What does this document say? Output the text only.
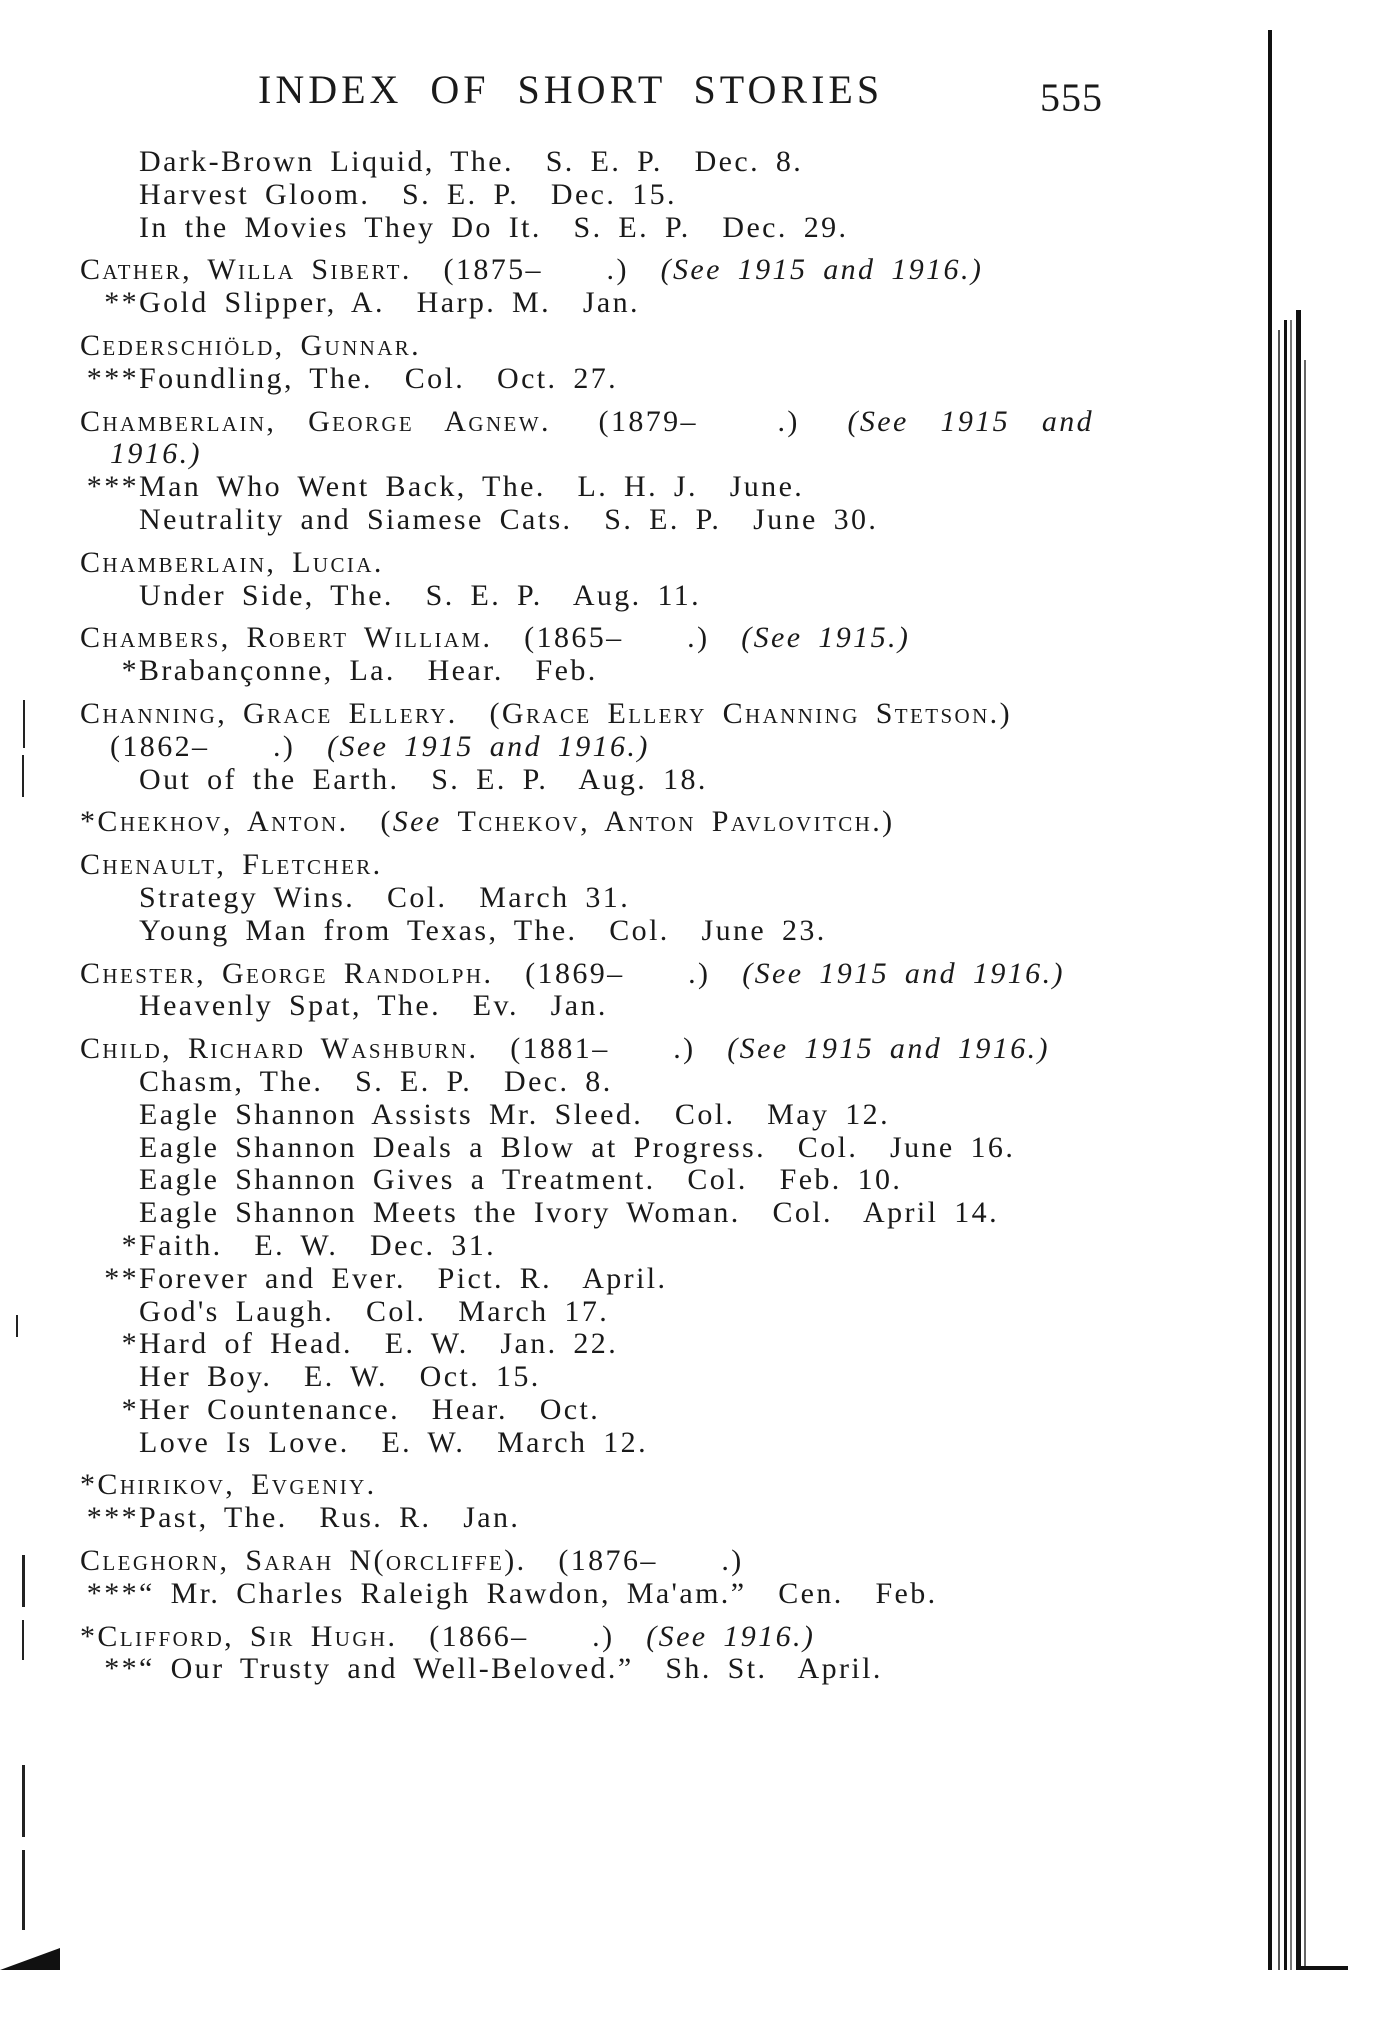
INDEX OF SHORT STORIES	555
Dark-Brown Liquid, The.  S. E. P.  Dec. 8.
Harvest Gloom.  S. E. P.  Dec. 15.
In the Movies They Do It.  S. E. P.  Dec. 29.
Cather, Willa Sibert.  (1875–    .)  (See 1915 and 1916.)
** Gold Slipper, A.  Harp. M.  Jan.
Cederschiöld, Gunnar.
*** Foundling, The.  Col.  Oct. 27.
Chamberlain,  George  Agnew.   (1879–     .)   (See  1915  and
1916.)
*** Man Who Went Back, The.  L. H. J.  June.
Neutrality and Siamese Cats.  S. E. P.  June 30.
Chamberlain, Lucia.
Under Side, The.  S. E. P.  Aug. 11.
Chambers, Robert William.  (1865–    .)  (See 1915.)
* Brabançonne, La.  Hear.  Feb.
Channing, Grace Ellery.  (Grace Ellery Channing Stetson.)
(1862–    .)  (See 1915 and 1916.)
Out of the Earth.  S. E. P.  Aug. 18.
*Chekhov, Anton.  (See Tchekov, Anton Pavlovitch.)
Chenault, Fletcher.
Strategy Wins.  Col.  March 31.
Young Man from Texas, The.  Col.  June 23.
Chester, George Randolph.  (1869–    .)  (See 1915 and 1916.)
Heavenly Spat, The.  Ev.  Jan.
Child, Richard Washburn.  (1881–    .)  (See 1915 and 1916.)
Chasm, The.  S. E. P.  Dec. 8.
Eagle Shannon Assists Mr. Sleed.  Col.  May 12.
Eagle Shannon Deals a Blow at Progress.  Col.  June 16.
Eagle Shannon Gives a Treatment.  Col.  Feb. 10.
Eagle Shannon Meets the Ivory Woman.  Col.  April 14.
* Faith.  E. W.  Dec. 31.
** Forever and Ever.  Pict. R.  April.
God's Laugh.  Col.  March 17.
* Hard of Head.  E. W.  Jan. 22.
Her Boy.  E. W.  Oct. 15.
* Her Countenance.  Hear.  Oct.
Love Is Love.  E. W.  March 12.
*Chirikov, Evgeniy.
*** Past, The.  Rus. R.  Jan.
Cleghorn, Sarah N(orcliffe).  (1876–    .)
*** “ Mr. Charles Raleigh Rawdon, Ma'am.”  Cen.  Feb.
*Clifford, Sir Hugh.  (1866–    .)  (See 1916.)
** “ Our Trusty and Well-Beloved.”  Sh. St.  April.
